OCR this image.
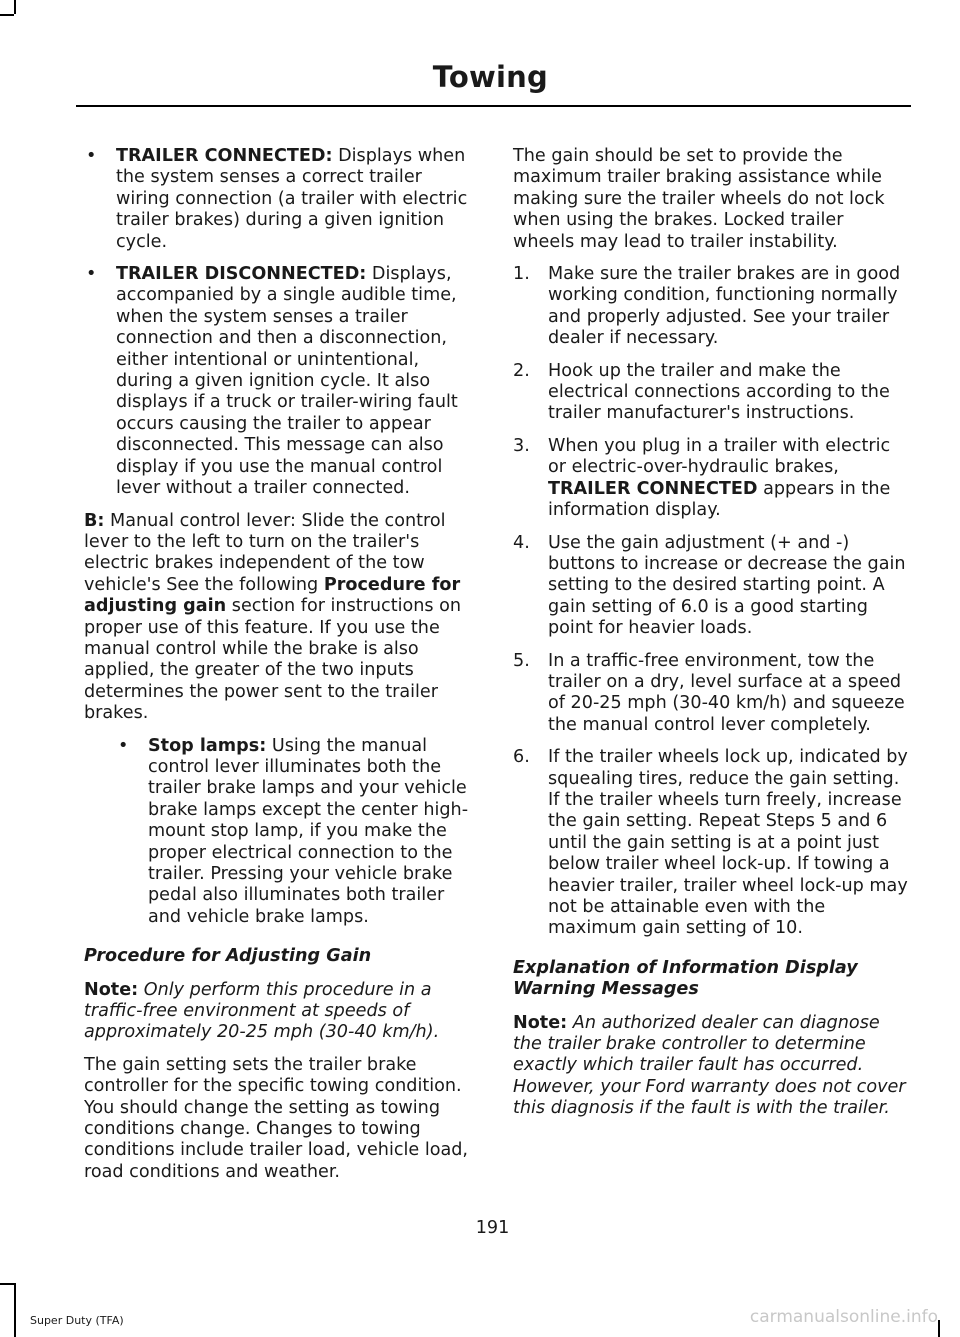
Towing
• TRAILER CONNECTED: Displays when the system senses a correct trailer wiring connection (a trailer with electric trailer brakes) during a given ignition cycle.
• TRAILER DISCONNECTED: Displays, accompanied by a single audible time, when the system senses a trailer connection and then a disconnection, either intentional or unintentional, during a given ignition cycle. It also displays if a truck or trailer-wiring fault occurs causing the trailer to appear disconnected. This message can also display if you use the manual control lever without a trailer connected.

B: Manual control lever: Slide the control lever to the left to turn on the trailer's electric brakes independent of the tow vehicle's See the following Procedure for adjusting gain section for instructions on proper use of this feature. If you use the manual control while the brake is also applied, the greater of the two inputs determines the power sent to the trailer brakes.

• Stop lamps: Using the manual control lever illuminates both the trailer brake lamps and your vehicle brake lamps except the center high-mount stop lamp, if you make the proper electrical connection to the trailer. Pressing your vehicle brake pedal also illuminates both trailer and vehicle brake lamps.
Procedure for Adjusting Gain

Note: Only perform this procedure in a traffic-free environment at speeds of approximately 20-25 mph (30-40 km/h).

The gain setting sets the trailer brake controller for the specific towing condition. You should change the setting as towing conditions change. Changes to towing conditions include trailer load, vehicle load, road conditions and weather.

The gain should be set to provide the maximum trailer braking assistance while making sure the trailer wheels do not lock when using the brakes. Locked trailer wheels may lead to trailer instability.

1. Make sure the trailer brakes are in good working condition, functioning normally and properly adjusted. See your trailer dealer if necessary.
2. Hook up the trailer and make the electrical connections according to the trailer manufacturer's instructions.
3. When you plug in a trailer with electric or electric-over-hydraulic brakes, TRAILER CONNECTED appears in the information display.
4. Use the gain adjustment (+ and -) buttons to increase or decrease the gain setting to the desired starting point. A gain setting of 6.0 is a good starting point for heavier loads.
5. In a traffic-free environment, tow the trailer on a dry, level surface at a speed of 20-25 mph (30-40 km/h) and squeeze the manual control lever completely.
6. If the trailer wheels lock up, indicated by squealing tires, reduce the gain setting. If the trailer wheels turn freely, increase the gain setting. Repeat Steps 5 and 6 until the gain setting is at a point just below trailer wheel lock-up. If towing a heavier trailer, trailer wheel lock-up may not be attainable even with the maximum gain setting of 10.
Explanation of Information Display Warning Messages

Note: An authorized dealer can diagnose the trailer brake controller to determine exactly which trailer fault has occurred. However, your Ford warranty does not cover this diagnosis if the fault is with the trailer.

191
Super Duty (TFA)	carmanualsonline.info
